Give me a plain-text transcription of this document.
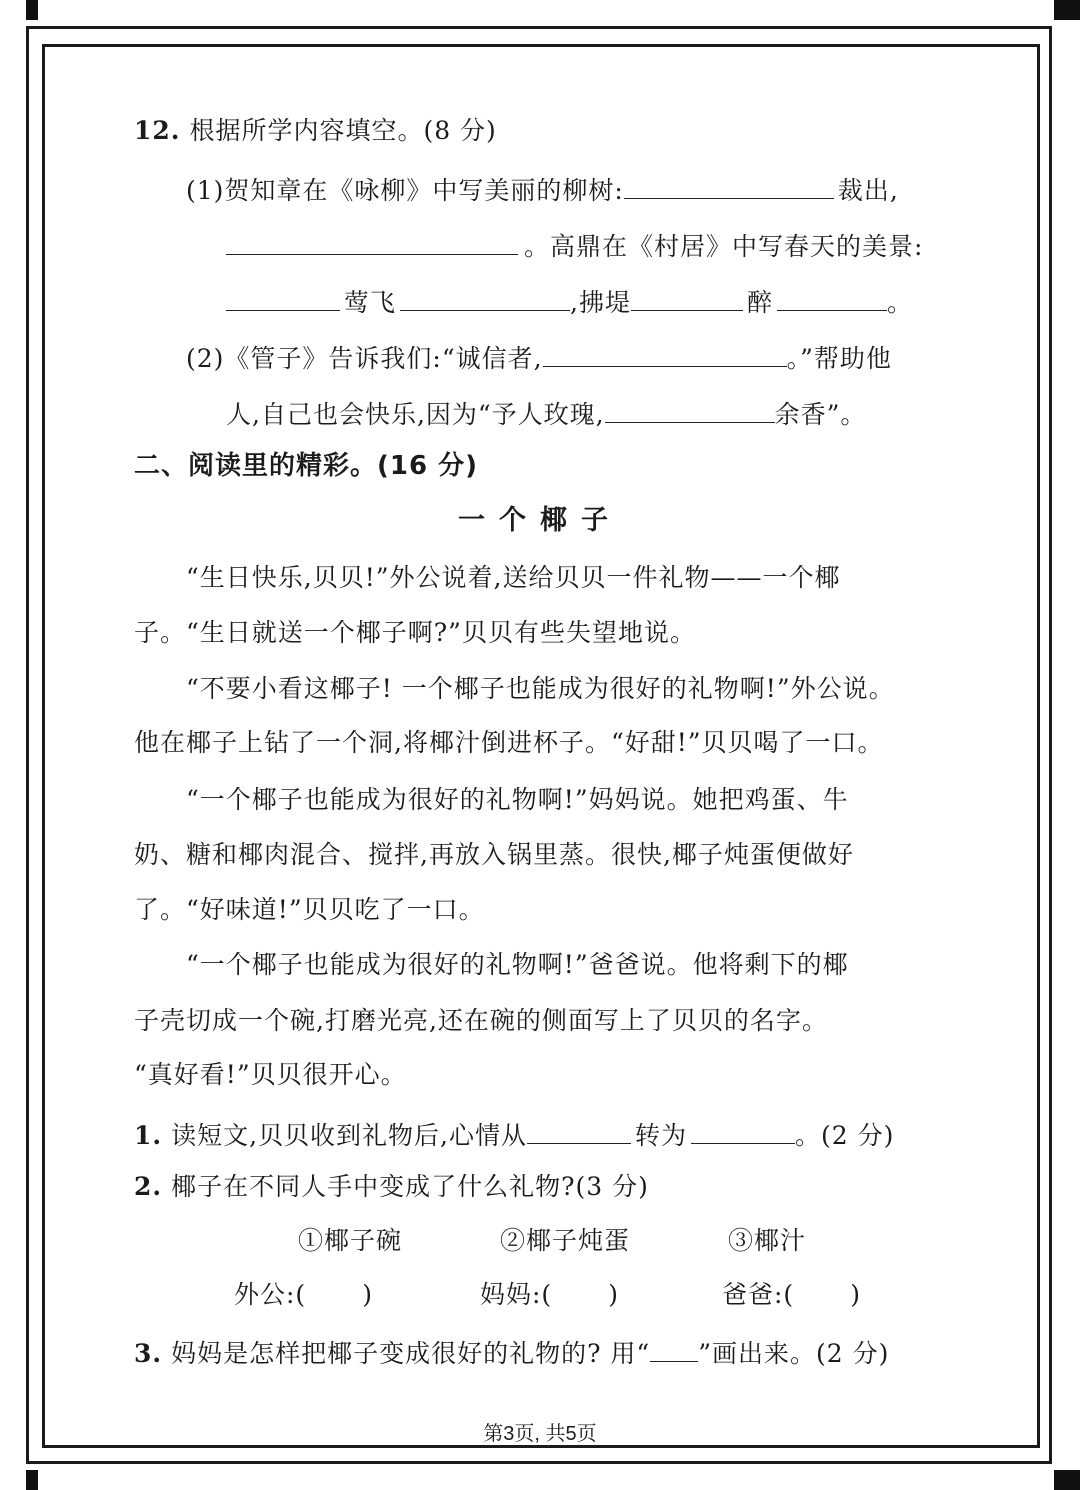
12. 根据所学内容填空。(8 分)
(1)贺知章在《咏柳》中写美丽的柳树:	裁出,
。高鼎在《村居》中写春天的美景:
莺飞	,拂堤	醉	。
(2)《管子》告诉我们:“诚信者,	。”帮助他
人,自己也会快乐,因为“予人玫瑰,	余香”。
二、阅读里的精彩。(16 分)
一个椰子
“生日快乐,贝贝!”外公说着,送给贝贝一件礼物——一个椰
子。“生日就送一个椰子啊?”贝贝有些失望地说。
“不要小看这椰子! 一个椰子也能成为很好的礼物啊!”外公说。
他在椰子上钻了一个洞,将椰汁倒进杯子。“好甜!”贝贝喝了一口。
“一个椰子也能成为很好的礼物啊!”妈妈说。她把鸡蛋、牛
奶、糖和椰肉混合、搅拌,再放入锅里蒸。很快,椰子炖蛋便做好
了。“好味道!”贝贝吃了一口。
“一个椰子也能成为很好的礼物啊!”爸爸说。他将剩下的椰
子壳切成一个碗,打磨光亮,还在碗的侧面写上了贝贝的名字。
“真好看!”贝贝很开心。
1. 读短文,贝贝收到礼物后,心情从	转为	。(2 分)
2. 椰子在不同人手中变成了什么礼物?(3 分)
①椰子碗	②椰子炖蛋	③椰汁
外公:( )	妈妈:( )	爸爸:( )
3. 妈妈是怎样把椰子变成很好的礼物的? 用“ ”画出来。(2 分)
第3页, 共5页
